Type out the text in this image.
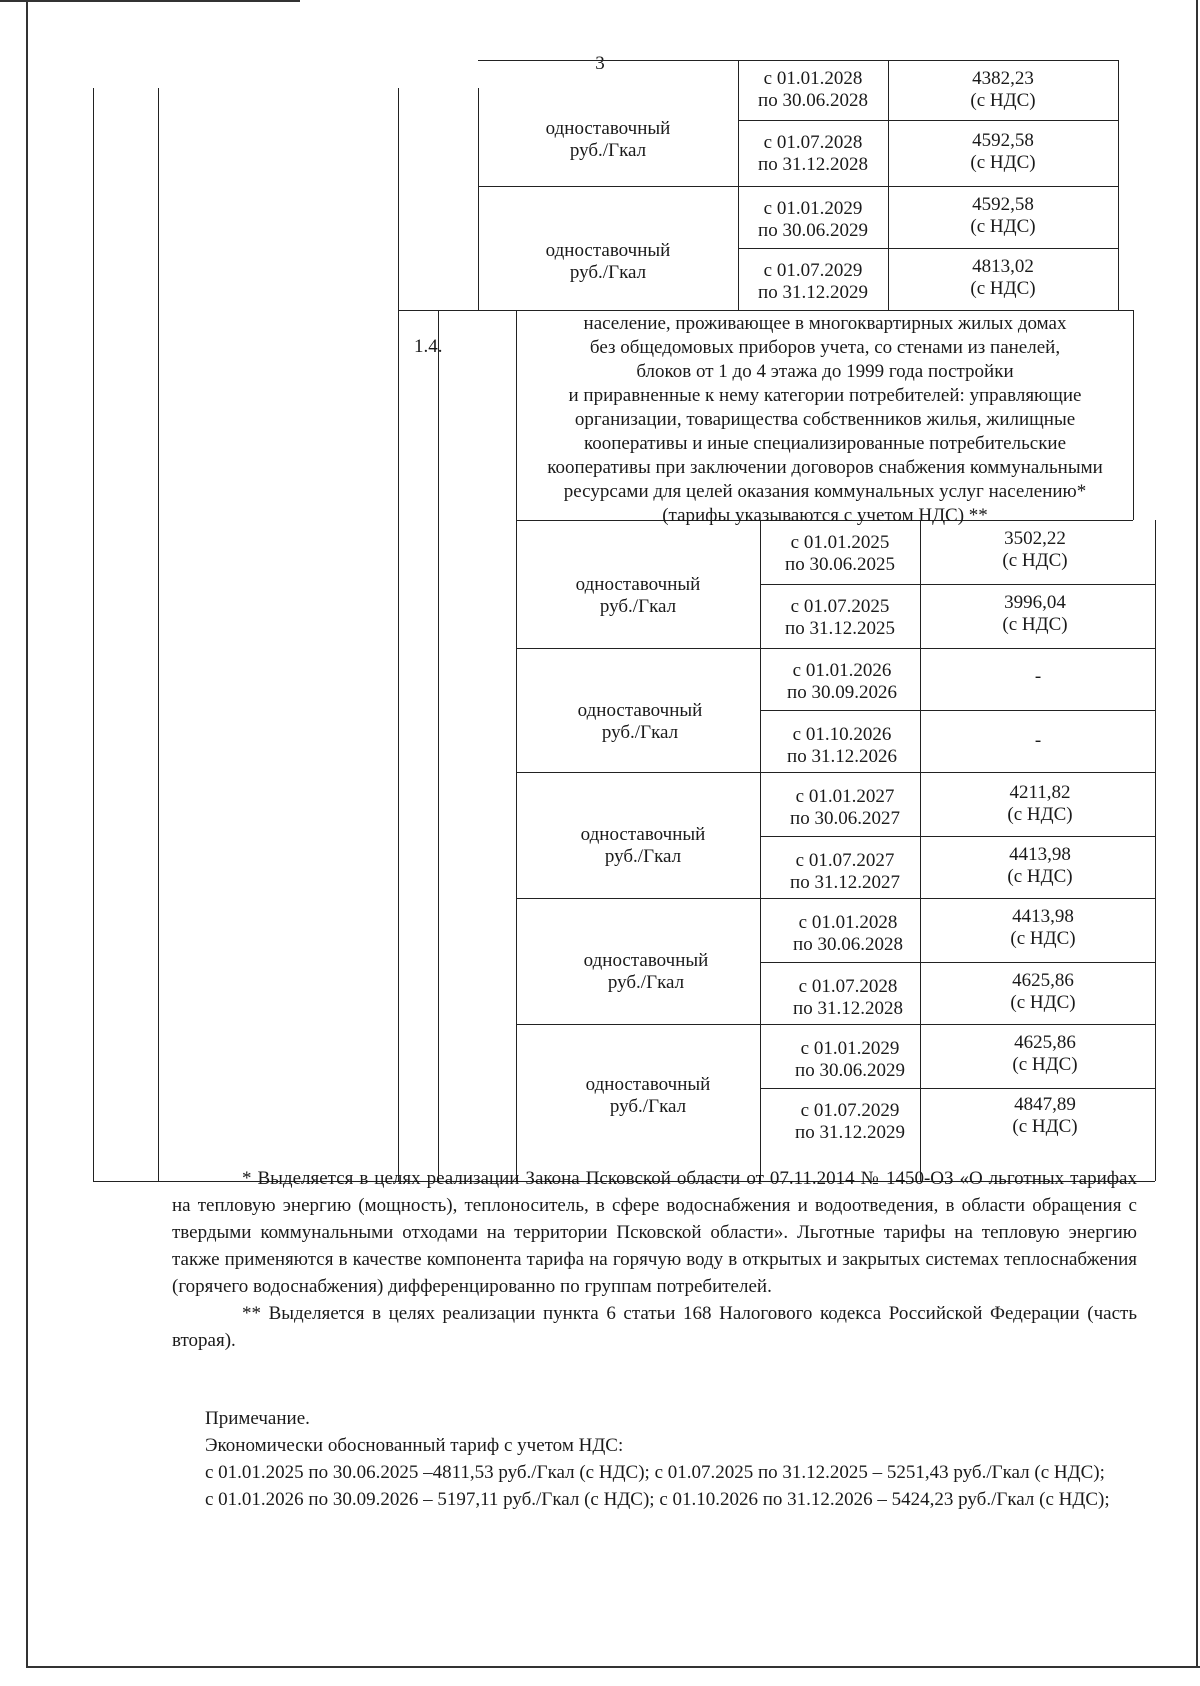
3
одноставочный
руб./Гкал
с 01.01.2028
по 30.06.2028
4382,23
(с НДС)
с 01.07.2028
по 31.12.2028
4592,58
(с НДС)
одноставочный
руб./Гкал
с 01.01.2029
по 30.06.2029
4592,58
(с НДС)
с 01.07.2029
по 31.12.2029
4813,02
(с НДС)
1.4.
население, проживающее в многоквартирных жилых домах
без общедомовых приборов учета, со стенами из панелей,
блоков от 1 до 4 этажа до 1999 года постройки
и приравненные к нему категории потребителей: управляющие
организации, товарищества собственников жилья, жилищные
кооперативы и иные специализированные потребительские
кооперативы при заключении договоров снабжения коммунальными
ресурсами для целей оказания коммунальных услуг населению*
(тарифы указываются с учетом НДС) **
одноставочный
руб./Гкал
с 01.01.2025
по 30.06.2025
3502,22
(с НДС)
с 01.07.2025
по 31.12.2025
3996,04
(с НДС)
одноставочный
руб./Гкал
с 01.01.2026
по 30.09.2026
-
с 01.10.2026
по 31.12.2026
-
одноставочный
руб./Гкал
с 01.01.2027
по 30.06.2027
4211,82
(с НДС)
с 01.07.2027
по 31.12.2027
4413,98
(с НДС)
одноставочный
руб./Гкал
с 01.01.2028
по 30.06.2028
4413,98
(с НДС)
с 01.07.2028
по 31.12.2028
4625,86
(с НДС)
одноставочный
руб./Гкал
с 01.01.2029
по 30.06.2029
4625,86
(с НДС)
с 01.07.2029
по 31.12.2029
4847,89
(с НДС)

* Выделяется в целях реализации Закона Псковской области от 07.11.2014 № 1450-ОЗ «О льготных тарифах на тепловую энергию (мощность), теплоноситель, в сфере водоснабжения и водоотведения, в области обращения с твердыми коммунальными отходами на территории Псковской области». Льготные тарифы на тепловую энергию также применяются в качестве компонента тарифа на горячую воду в открытых и закрытых системах теплоснабжения (горячего водоснабжения) дифференцированно по группам потребителей.

** Выделяется в целях реализации пункта 6 статьи 168 Налогового кодекса Российской Федерации (часть вторая).

Примечание.

Экономически обоснованный тариф с учетом НДС:

с 01.01.2025 по 30.06.2025 –4811,53 руб./Гкал (с НДС); с 01.07.2025 по 31.12.2025 – 5251,43 руб./Гкал (с НДС);

с 01.01.2026 по 30.09.2026 – 5197,11 руб./Гкал (с НДС); с 01.10.2026 по 31.12.2026 – 5424,23 руб./Гкал (с НДС);
